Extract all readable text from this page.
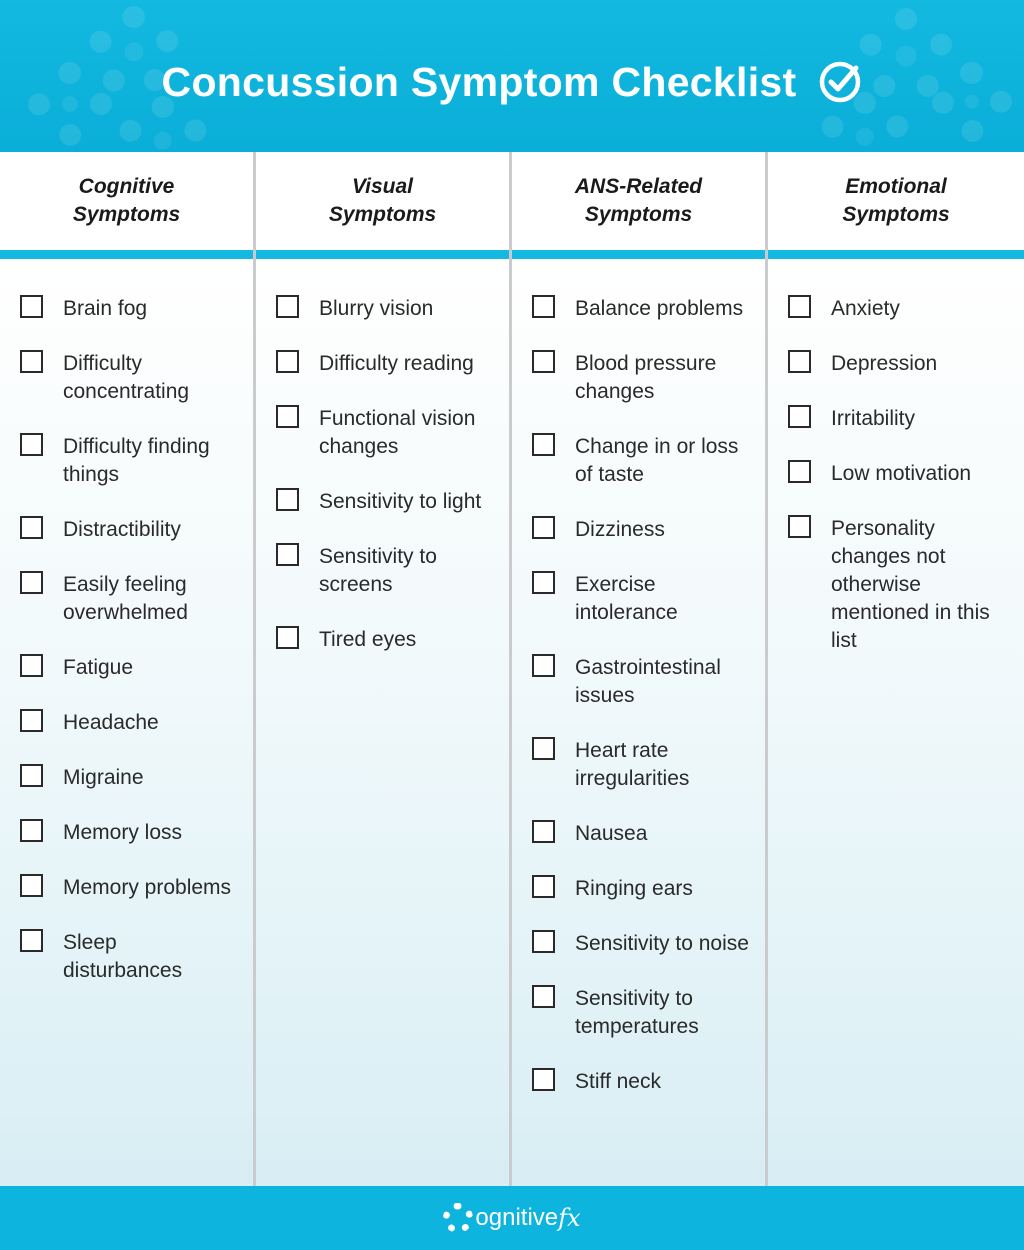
Concussion Symptom Checklist
Cognitive
Symptoms
Brain fog
Difficulty concentrating
Difficulty finding things
Distractibility
Easily feeling overwhelmed
Fatigue
Headache
Migraine
Memory loss
Memory problems
Sleep disturbances
Visual
Symptoms
Blurry vision
Difficulty reading
Functional vision changes
Sensitivity to light
Sensitivity to screens
Tired eyes
ANS-Related
Symptoms
Balance problems
Blood pressure changes
Change in or loss of taste
Dizziness
Exercise intolerance
Gastrointestinal issues
Heart rate irregularities
Nausea
Ringing ears
Sensitivity to noise
Sensitivity to temperatures
Stiff neck
Emotional
Symptoms
Anxiety
Depression
Irritability
Low motivation
Personality changes not otherwise mentioned in this list
ognitive fx
